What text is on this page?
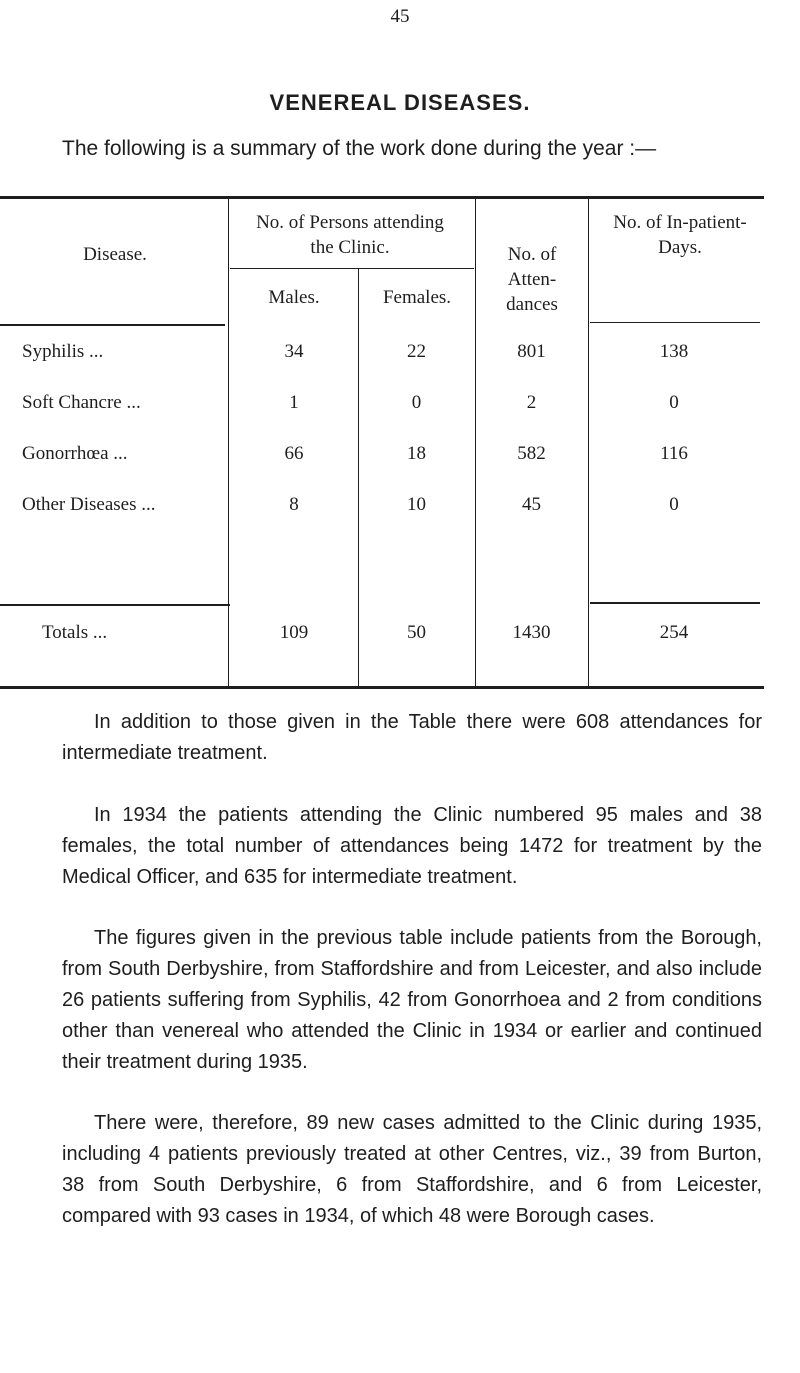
45
VENEREAL DISEASES.
The following is a summary of the work done during the year :—
Disease.
No. of Persons attending the Clinic.
Males.	Females.
No. of Atten- dances
No. of In-patient- Days.
Syphilis ...	34	22	801	138
Soft Chancre ...	1	0	2	0
Gonorrhœa ...	66	18	582	116
Other Diseases ...	8	10	45	0
Totals ...	109	50	1430	254
In addition to those given in the Table there were 608 attendances for intermediate treatment.
In 1934 the patients attending the Clinic numbered 95 males and 38 females, the total number of attendances being 1472 for treatment by the Medical Officer, and 635 for intermediate treatment.
The figures given in the previous table include patients from the Borough, from South Derbyshire, from Staffordshire and from Leicester, and also include 26 patients suffering from Syphilis, 42 from Gonorrhoea and 2 from conditions other than venereal who attended the Clinic in 1934 or earlier and continued their treatment during 1935.
There were, therefore, 89 new cases admitted to the Clinic during 1935, including 4 patients previously treated at other Centres, viz., 39 from Burton, 38 from South Derbyshire, 6 from Staffordshire, and 6 from Leicester, compared with 93 cases in 1934, of which 48 were Borough cases.
